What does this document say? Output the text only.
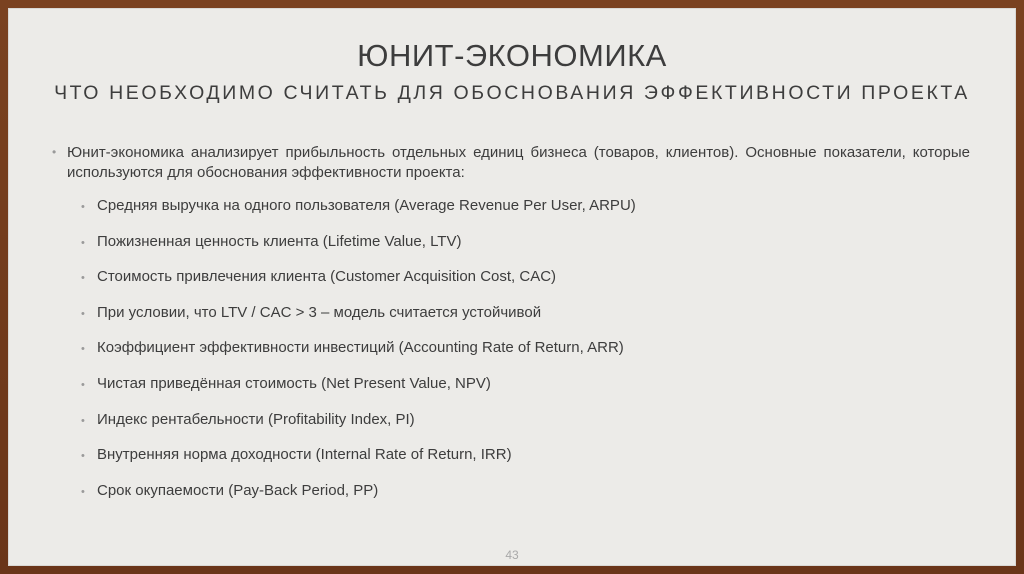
ЮНИТ-ЭКОНОМИКА
ЧТО НЕОБХОДИМО СЧИТАТЬ ДЛЯ ОБОСНОВАНИЯ ЭФФЕКТИВНОСТИ ПРОЕКТА
• Юнит-экономика анализирует прибыльность отдельных единиц бизнеса (товаров, клиентов). Основные показатели, которые используются для обоснования эффективности проекта:
• Средняя выручка на одного пользователя (Average Revenue Per User, ARPU)
• Пожизненная ценность клиента (Lifetime Value, LTV)
• Стоимость привлечения клиента (Customer Acquisition Cost, CAC)
• При условии, что LTV / CAC > 3 – модель считается устойчивой
• Коэффициент эффективности инвестиций (Accounting Rate of Return, ARR)
• Чистая приведённая стоимость (Net Present Value, NPV)
• Индекс рентабельности (Profitability Index, PI)
• Внутренняя норма доходности (Internal Rate of Return, IRR)
• Срок окупаемости (Pay-Back Period, PP)
43
